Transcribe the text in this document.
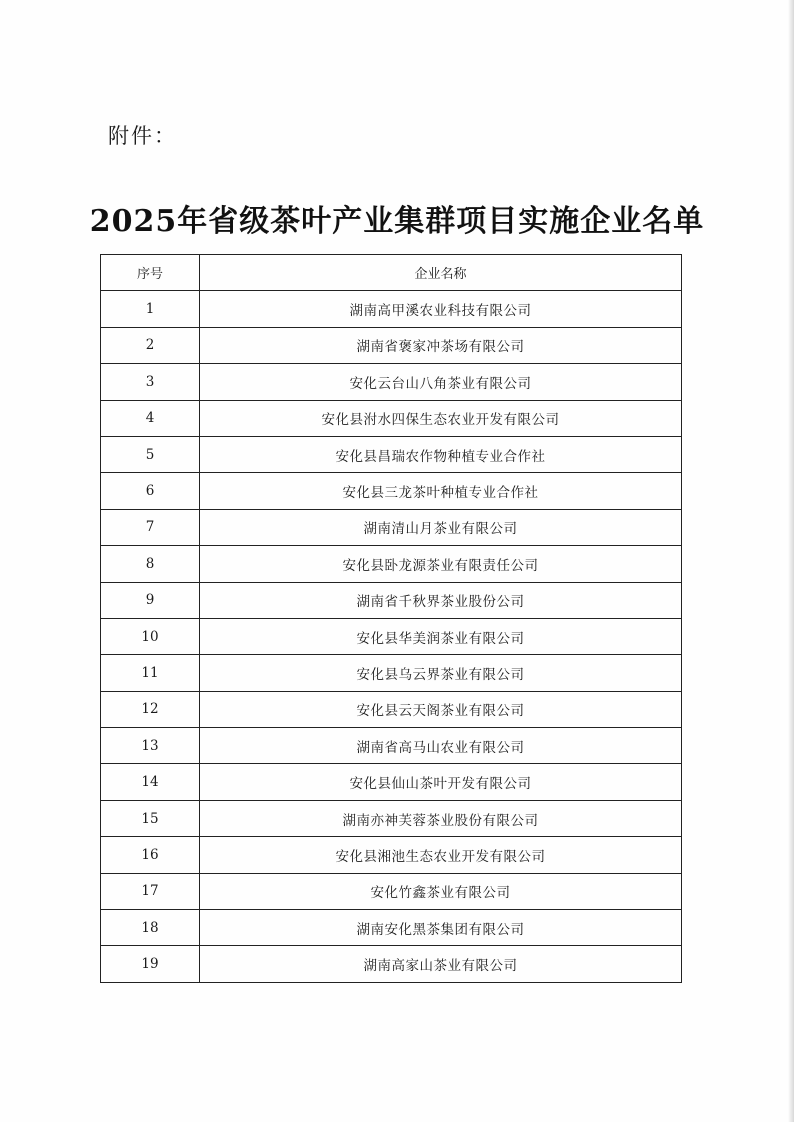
附件：
2025年省级茶叶产业集群项目实施企业名单
序号	企业名称
1	湖南高甲溪农业科技有限公司
2	湖南省褒家冲茶场有限公司
3	安化云台山八角茶业有限公司
4	安化县泭水四保生态农业开发有限公司
5	安化县昌瑞农作物种植专业合作社
6	安化县三龙茶叶种植专业合作社
7	湖南清山月茶业有限公司
8	安化县卧龙源茶业有限责任公司
9	湖南省千秋界茶业股份公司
10	安化县华美润茶业有限公司
11	安化县乌云界茶业有限公司
12	安化县云天阁茶业有限公司
13	湖南省高马山农业有限公司
14	安化县仙山茶叶开发有限公司
15	湖南亦神芙蓉茶业股份有限公司
16	安化县湘池生态农业开发有限公司
17	安化竹鑫茶业有限公司
18	湖南安化黑茶集团有限公司
19	湖南高家山茶业有限公司
